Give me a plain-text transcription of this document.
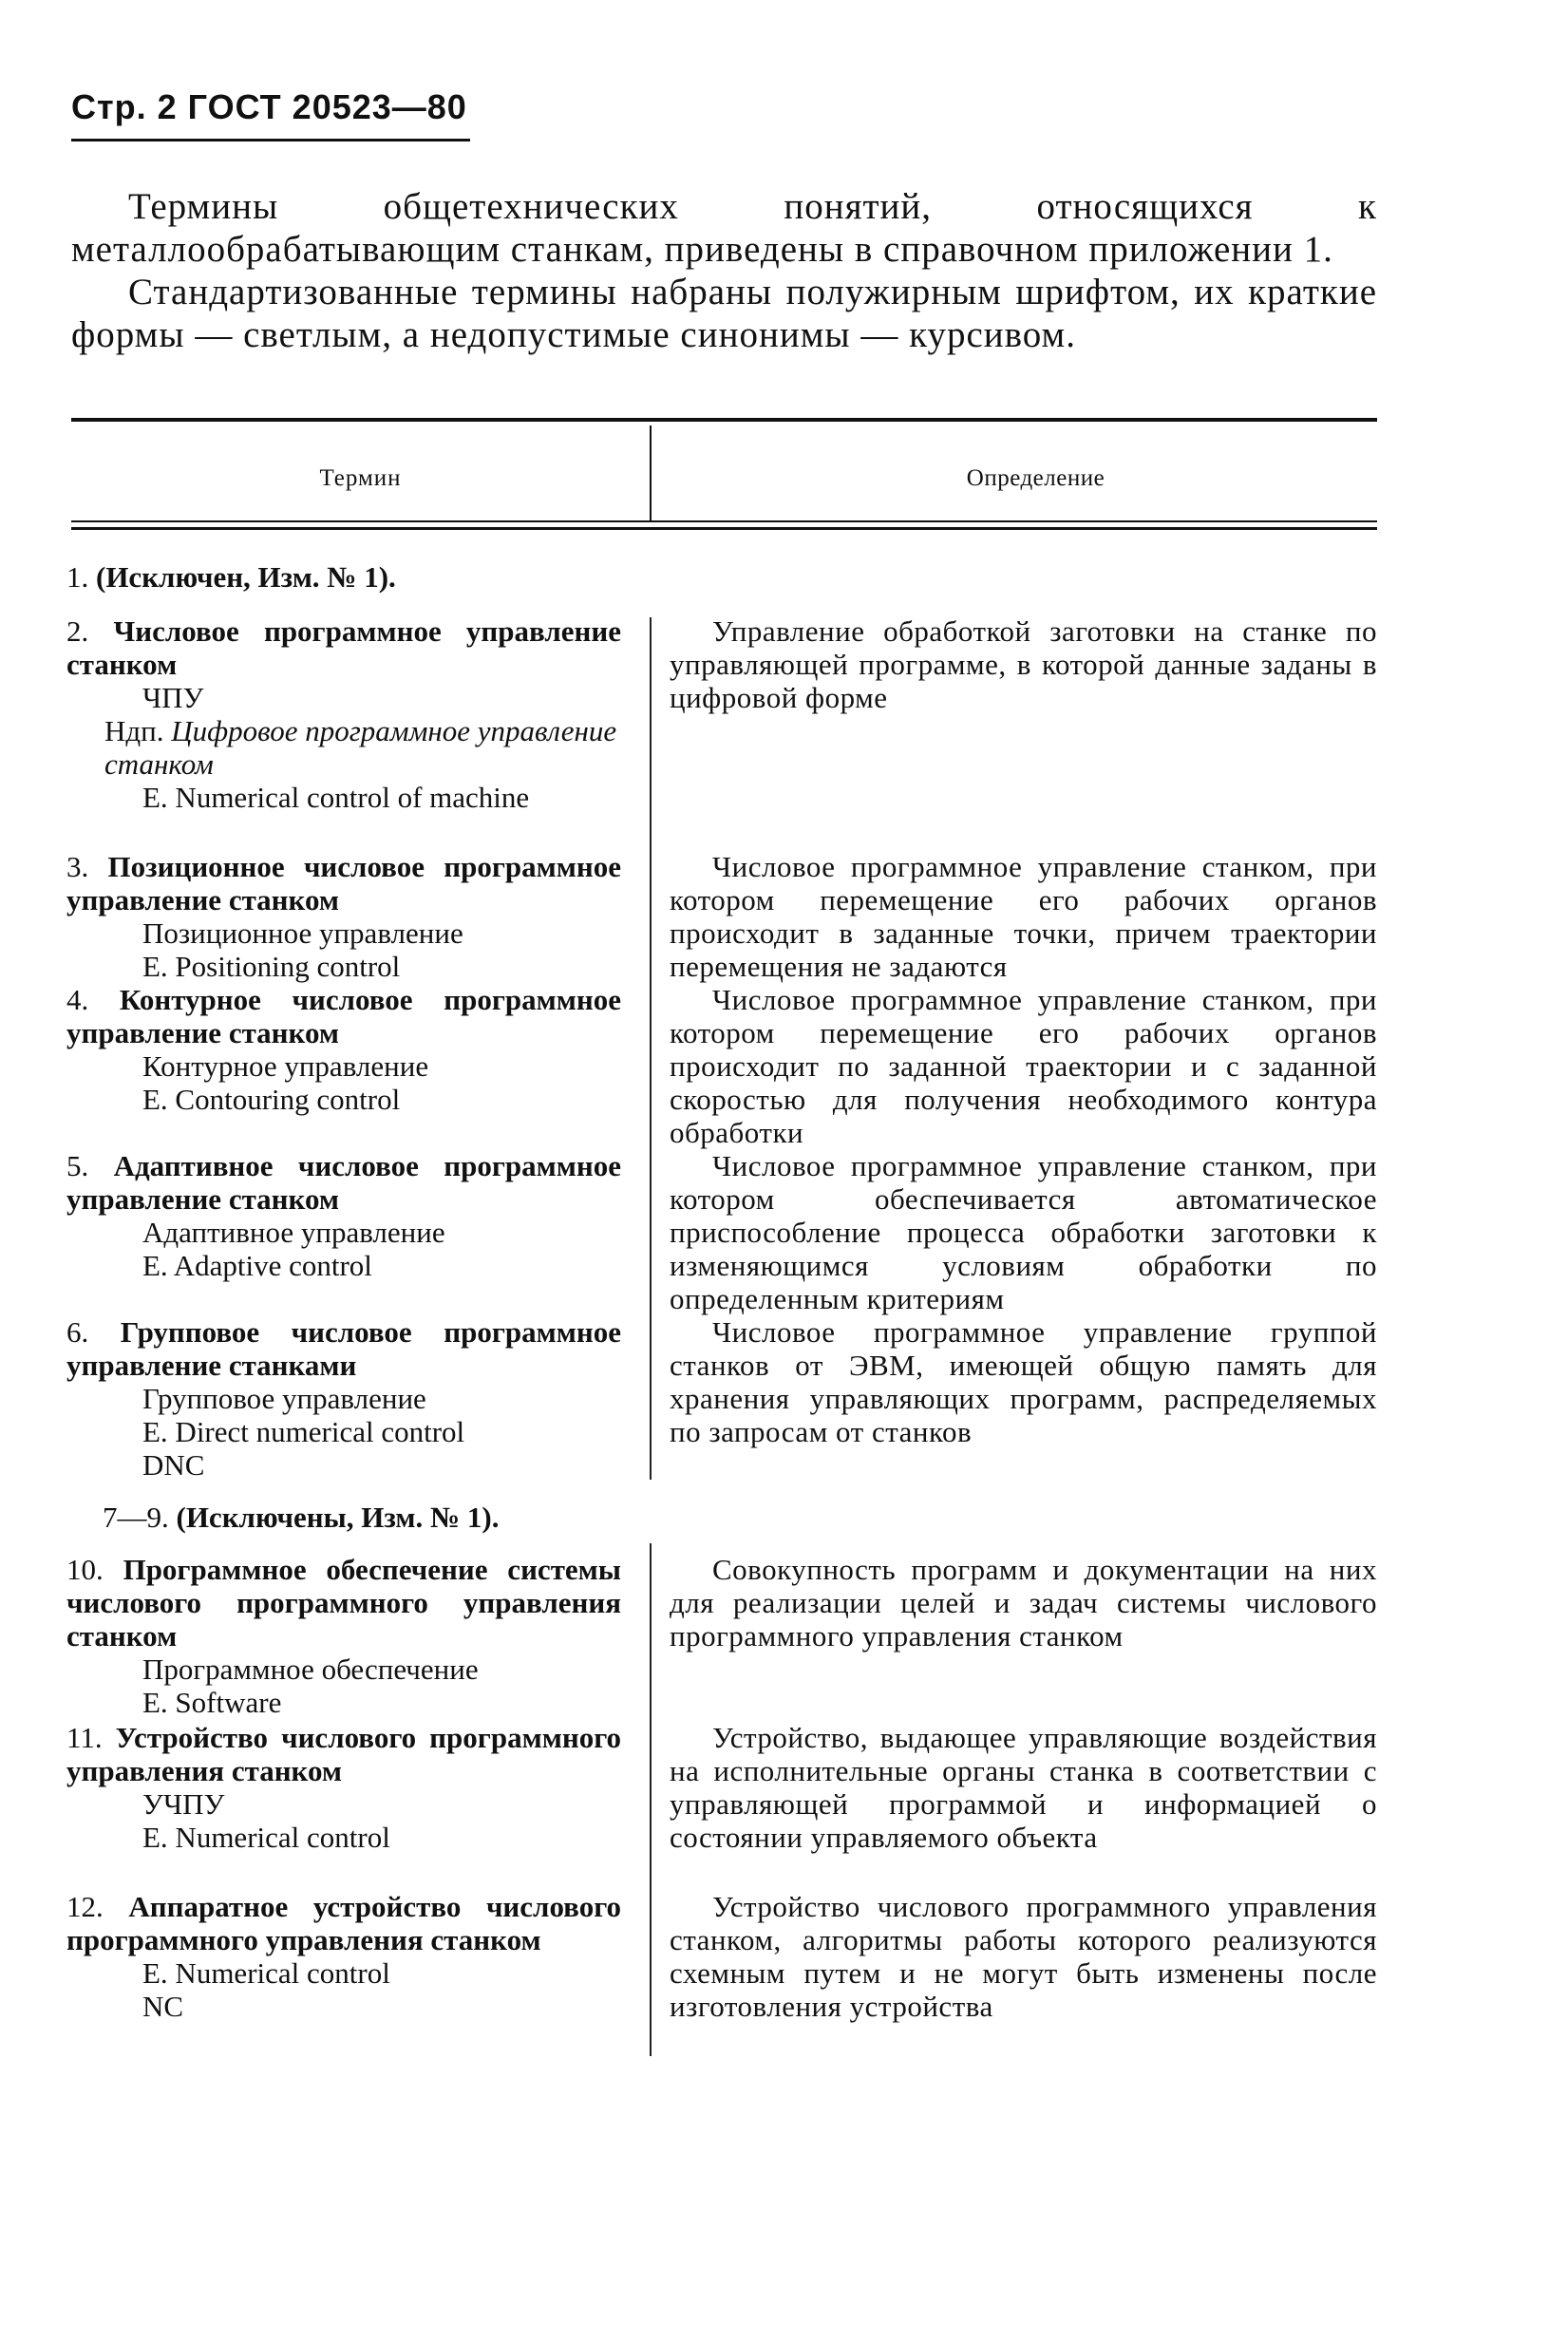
Стр. 2 ГОСТ 20523—80

Термины общетехнических понятий, относящихся к металлообрабатывающим станкам, приведены в справочном приложении 1.

Стандартизованные термины набраны полужирным шрифтом, их краткие формы — светлым, а недопустимые синонимы — курсивом.

Термин	Определение
1. (Исключен, Изм. № 1).
2. Числовое программное управление станком
ЧПУ
Ндп. Цифровое программное управление станком
E. Numerical control of machine
3. Позиционное числовое программное управление станком
Позиционное управление
E. Positioning control
4. Контурное числовое программное управление станком
Контурное управление
E. Contouring control
5. Адаптивное числовое программное управление станком
Адаптивное управление
E. Adaptive control
6. Групповое числовое программное управление станками
Групповое управление
E. Direct numerical control
DNC
7—9. (Исключены, Изм. № 1).
10. Программное обеспечение системы числового программного управления станком
Программное обеспечение
E. Software
11. Устройство числового программного управления станком
УЧПУ
E. Numerical control
12. Аппаратное устройство числового программного управления станком
E. Numerical control
NC
Управление обработкой заготовки на станке по управляющей программе, в которой данные заданы в цифровой форме
Числовое программное управление станком, при котором перемещение его рабочих органов происходит в заданные точки, причем траектории перемещения не задаются
Числовое программное управление станком, при котором перемещение его рабочих органов происходит по заданной траектории и с заданной скоростью для получения необходимого контура обработки
Числовое программное управление станком, при котором обеспечивается автоматическое приспособление процесса обработки заготовки к изменяющимся условиям обработки по определенным критериям
Числовое программное управление группой станков от ЭВМ, имеющей общую память для хранения управляющих программ, распределяемых по запросам от станков
Совокупность программ и документации на них для реализации целей и задач системы числового программного управления станком
Устройство, выдающее управляющие воздействия на исполнительные органы станка в соответствии с управляющей программой и информацией о состоянии управляемого объекта
Устройство числового программного управления станком, алгоритмы работы которого реализуются схемным путем и не могут быть изменены после изготовления устройства
